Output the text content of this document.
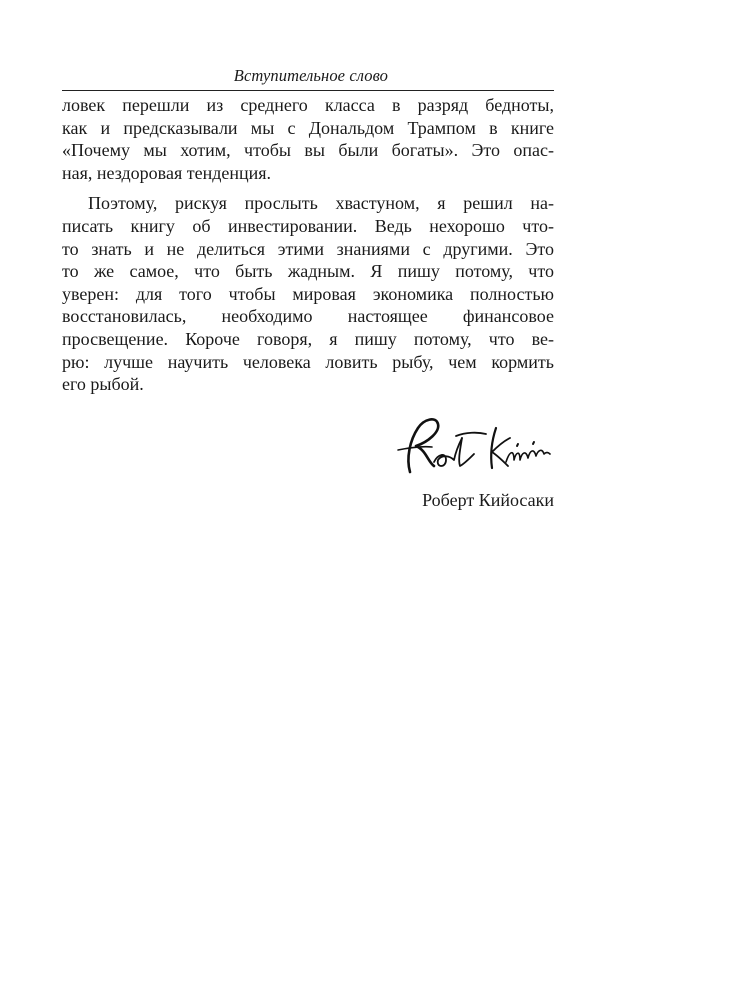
Вступительное слово

ловек перешли из среднего класса в разряд бедноты,
как и предсказывали мы с Дональдом Трампом в книге
«Почему мы хотим, чтобы вы были богаты». Это опас-
ная, нездоровая тенденция.

Поэтому, рискуя прослыть хвастуном, я решил на-
писать книгу об инвестировании. Ведь нехорошо что-
то знать и не делиться этими знаниями с другими. Это
то же самое, что быть жадным. Я пишу потому, что
уверен: для того чтобы мировая экономика полностью
восстановилась, необходимо настоящее финансовое
просвещение. Короче говоря, я пишу потому, что ве-
рю: лучше научить человека ловить рыбу, чем кормить
его рыбой.

Роберт Кийосаки
